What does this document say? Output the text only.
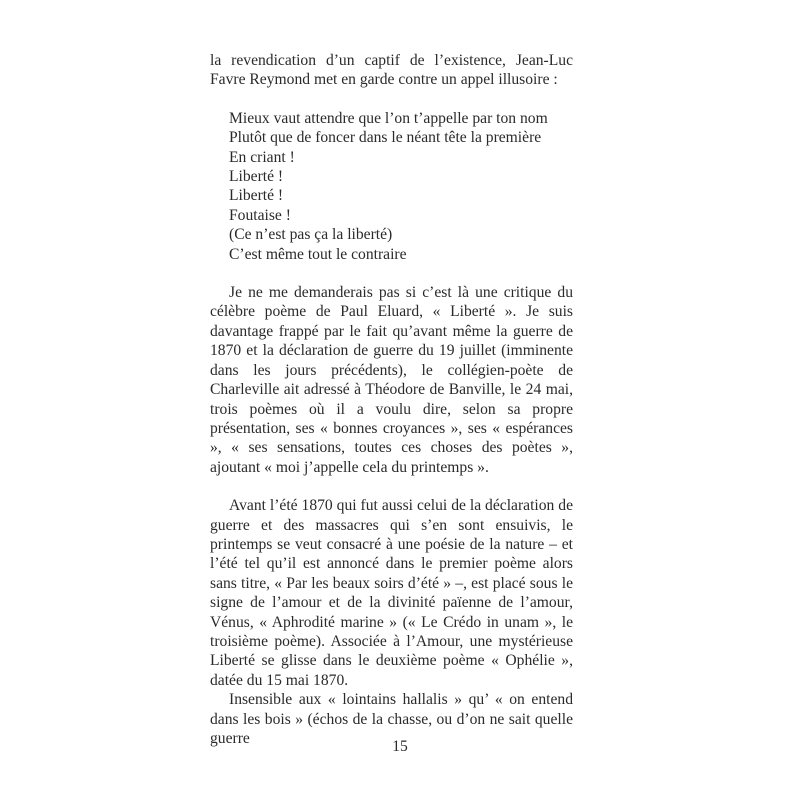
la revendication d’un captif de l’existence, Jean-Luc Favre Reymond met en garde contre un appel illusoire :

Mieux vaut attendre que l’on t’appelle par ton nom
Plutôt que de foncer dans le néant tête la première
En criant !
Liberté !
Liberté !
Foutaise !
(Ce n’est pas ça la liberté)
C’est même tout le contraire

Je ne me demanderais pas si c’est là une critique du célèbre poème de Paul Eluard, « Liberté ». Je suis davantage frappé par le fait qu’avant même la guerre de 1870 et la déclaration de guerre du 19 juillet (imminente dans les jours précédents), le collégien-poète de Charleville ait adressé à Théodore de Banville, le 24 mai, trois poèmes où il a voulu dire, selon sa propre présentation, ses « bonnes croyances », ses « espérances », « ses sensations, toutes ces choses des poètes », ajoutant « moi j’appelle cela du printemps ».

Avant l’été 1870 qui fut aussi celui de la déclaration de guerre et des massacres qui s’en sont ensuivis, le printemps se veut consacré à une poésie de la nature – et l’été tel qu’il est annoncé dans le premier poème alors sans titre, « Par les beaux soirs d’été » –, est placé sous le signe de l’amour et de la divinité païenne de l’amour, Vénus, « Aphrodité marine » (« Le Crédo in unam », le troisième poème). Associée à l’Amour, une mystérieuse Liberté se glisse dans le deuxième poème « Ophélie », datée du 15 mai 1870.

Insensible aux « lointains hallalis » qu’ « on entend dans les bois » (échos de la chasse, ou d’on ne sait quelle guerre	15
